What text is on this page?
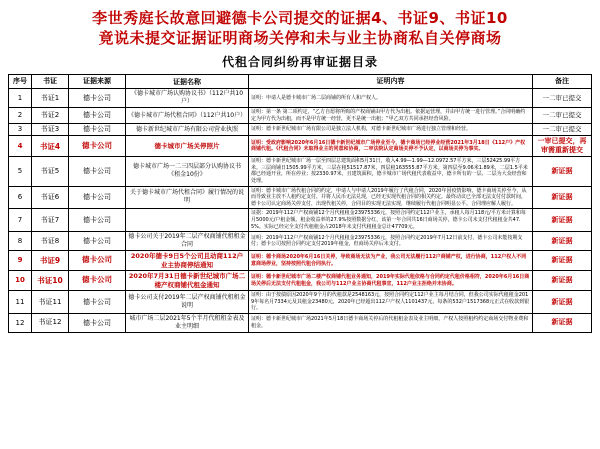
李世秀庭长故意回避德卡公司提交的证据4、书证9、书证10
竟说未提交证据证明商场关停和未与业主协商私自关停商场
代租合同纠纷再审证据目录
序号	书证	证据来源	证据名称	证明内容	备注
1	书证1	德卡公司	《德卡城市广场认购协议书》（112户共10户）	证明：申请人是德卡城市广场二层商铺的所有人和产权人。	一二审已提交
2	书证2	德卡公司	《德卡城市广场代租合同》（112户共10户）	证明：第一条 第二项约定，“乙方自愿将所购的产权商铺由甲方代为出租。依据运营理，并由甲方统一进行管理。”合同明确约定为甲方代为出租，而不是甲方统一经营，更不是统一出租；“甲乙双方共同承担经营风险。	一二审已提交
3	书证3	德卡公司	德卡新世纪城市广场有限公司营业执照	证明：德卡新世纪城市广场有限公司是独立法人机构，对德卡新世纪城市广场进行独立管理和经营。	一二审已提交
4	书证4	德卡公司	德卡城市广场关停照片	证明：受政府影响2020年6月16日德卡新世纪城市广场停业至今，德卡商场已经停业经营2021年3月18日《112户》产权商铺代租。《代租合同》未取得业主的同意和协商，二审法院认定商场关停不予认定，以商场关停为事实。	一审已提交，再审需重新提交
5	书证5	德卡公司	德卡城市广场一二三四层部分认购协议书《租金10份》	证明：德卡新世纪城市广场一层至四层总建筑面积5月31日，收入4.99—1.99—12.0972.57平方米，三层52425.99平方米。三层商铺日1505.99平方米，三层在租51517.87米，四层租163555.87平方米。第四层至9.06米1.89米，二层1.5平米都已经通开业，所在停业；按2330.97米，且建筑面积，德卡城市广场代租代表收益中，德卡所有的一层、二层为大众经营和处理。	新证据
6	书证6	德卡公司	关于德卡城市广场代租合同》履行情况的说明	证明：德卡城市广场代租合同的约定，申请人与申请人2019年履行了代租合同，2020年因疫情影响，德卡商场关停至今，从而导致业主放不人租约定支付，并将人民币无法兑现，已经无实现代租合同的相关约定。最终动议已全部无法支付付款时间，德卡公司认定商场关停支付，出现代租关停，合同目的实现无法实现，继续履行代租合同明显公平。合同理应解人履行。	新证据
7	书证7	德卡公司		证据：2019年112户产权商铺12个月代租租金23975336元，按照合同约定112户业主，承租人每月118元/平方米计算和每月5000元/户租金额。租金收益率的27.9%按照数据分红，该第一年合同共16日商场关停，德卡公司未支付代租租金共47.5%。实际已经完全支付代租租金占2018年未支付代租租金总计47709元。	新证据
8	书证8	德卡公司	德卡公司关于2019年二层产权商铺代租租金合同	证明：2019年112户产权商铺12个月代租租金23975336元，按照合同约定2019年7月12日前支付，德卡公司未能按期支付；德卡公司按照合同约定支付2019年租金，但商场关停后未支付。	新证据
9	书证9	德卡公司	2020年德卡9日5个公司且动商112户业主协商停结通知	证明：德卡商场2020年6月16日关停，导致商场无法为产业，我公司无法履行112户商铺产权，进行协商，112户权人不同意商场停业，坚持按照代租合同执行。	新证据
10	书证10	德卡公司	2020年7月31日德卡新世纪城市广场二楼产权商铺代租金通知	证明：德卡新世纪城市广场二楼产权商铺代租业务通知，2019年实际代租依格与合同约定代租价格相符，2020年6月16日商场关停后无法支付代租租金，我公司与112户业主协商代租事宜，112户业主拒绝并未协商。	新证据
11	书证11	德卡公司	德卡公司支付2019年二层产权商铺代租租金说明	证明：由于按债原因2020年9个月的代租款是2548163元，按照合同约定112户业主每月结合同，但我公司实际代租租金2019年每名月7334元及其租金23480元，2020年已经超出112户产权人1101437元，每条的532户1517368元正式在收款到银行。	新证据
12	书证12	德卡公司	城市广场二层2021年5个半月代租租金表及业主明细	证明：德卡新世纪城市广场2021年5月18日德卡商场关停后的代租租金表及业主明细，产权人按照租约约定商场交付物业费和租金。	新证据
